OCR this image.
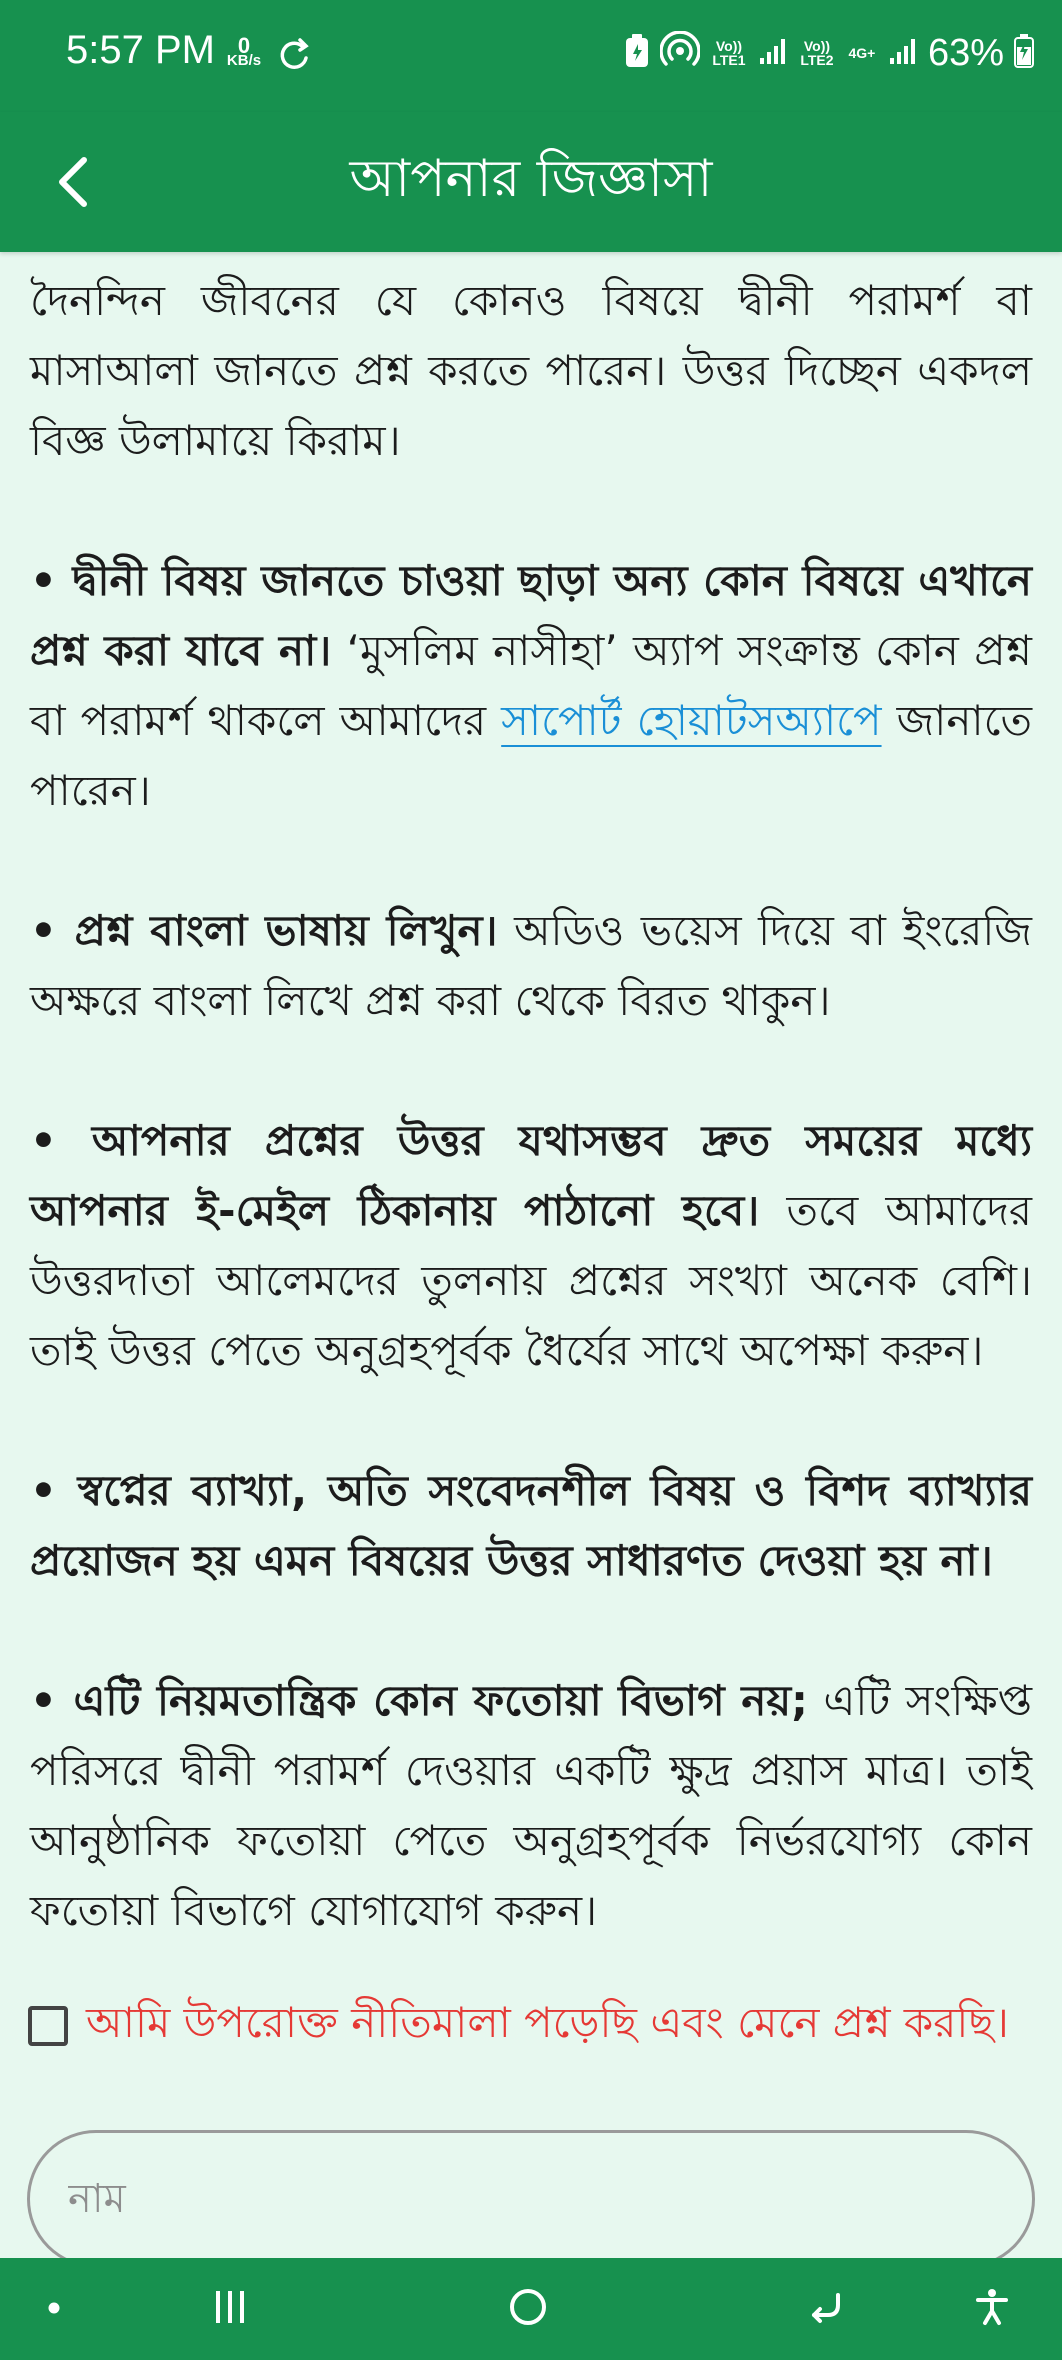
5:57 PM	0
KB/s
Vo)) LTE1
Vo)) LTE2 4G+ 63%
আপনার জিজ্ঞাসা

দৈনন্দিন জীবনের যে কোনও বিষয়ে দ্বীনী পরামর্শ বা মাসাআলা জানতে প্রশ্ন করতে পারেন। উত্তর দিচ্ছেন একদল বিজ্ঞ উলামায়ে কিরাম।

• দ্বীনী বিষয় জানতে চাওয়া ছাড়া অন্য কোন বিষয়ে এখানে প্রশ্ন করা যাবে না। ‘মুসলিম নাসীহা’ অ্যাপ সংক্রান্ত কোন প্রশ্ন বা পরামর্শ থাকলে আমাদের সাপোর্ট হোয়াটসঅ্যাপে জানাতে পারেন।

• প্রশ্ন বাংলা ভাষায় লিখুন। অডিও ভয়েস দিয়ে বা ইংরেজি অক্ষরে বাংলা লিখে প্রশ্ন করা থেকে বিরত থাকুন।

• আপনার প্রশ্নের উত্তর যথাসম্ভব দ্রুত সময়ের মধ্যে আপনার ই-মেইল ঠিকানায় পাঠানো হবে। তবে আমাদের উত্তরদাতা আলেমদের তুলনায় প্রশ্নের সংখ্যা অনেক বেশি। তাই উত্তর পেতে অনুগ্রহপূর্বক ধৈর্যের সাথে অপেক্ষা করুন।

• স্বপ্নের ব্যাখ্যা, অতি সংবেদনশীল বিষয় ও বিশদ ব্যাখ্যার প্রয়োজন হয় এমন বিষয়ের উত্তর সাধারণত দেওয়া হয় না।

• এটি নিয়মতান্ত্রিক কোন ফতোয়া বিভাগ নয়; এটি সংক্ষিপ্ত পরিসরে দ্বীনী পরামর্শ দেওয়ার একটি ক্ষুদ্র প্রয়াস মাত্র। তাই আনুষ্ঠানিক ফতোয়া পেতে অনুগ্রহপূর্বক নির্ভরযোগ্য কোন ফতোয়া বিভাগে যোগাযোগ করুন।

আমি উপরোক্ত নীতিমালা পড়েছি এবং মেনে প্রশ্ন করছি।
নাম
